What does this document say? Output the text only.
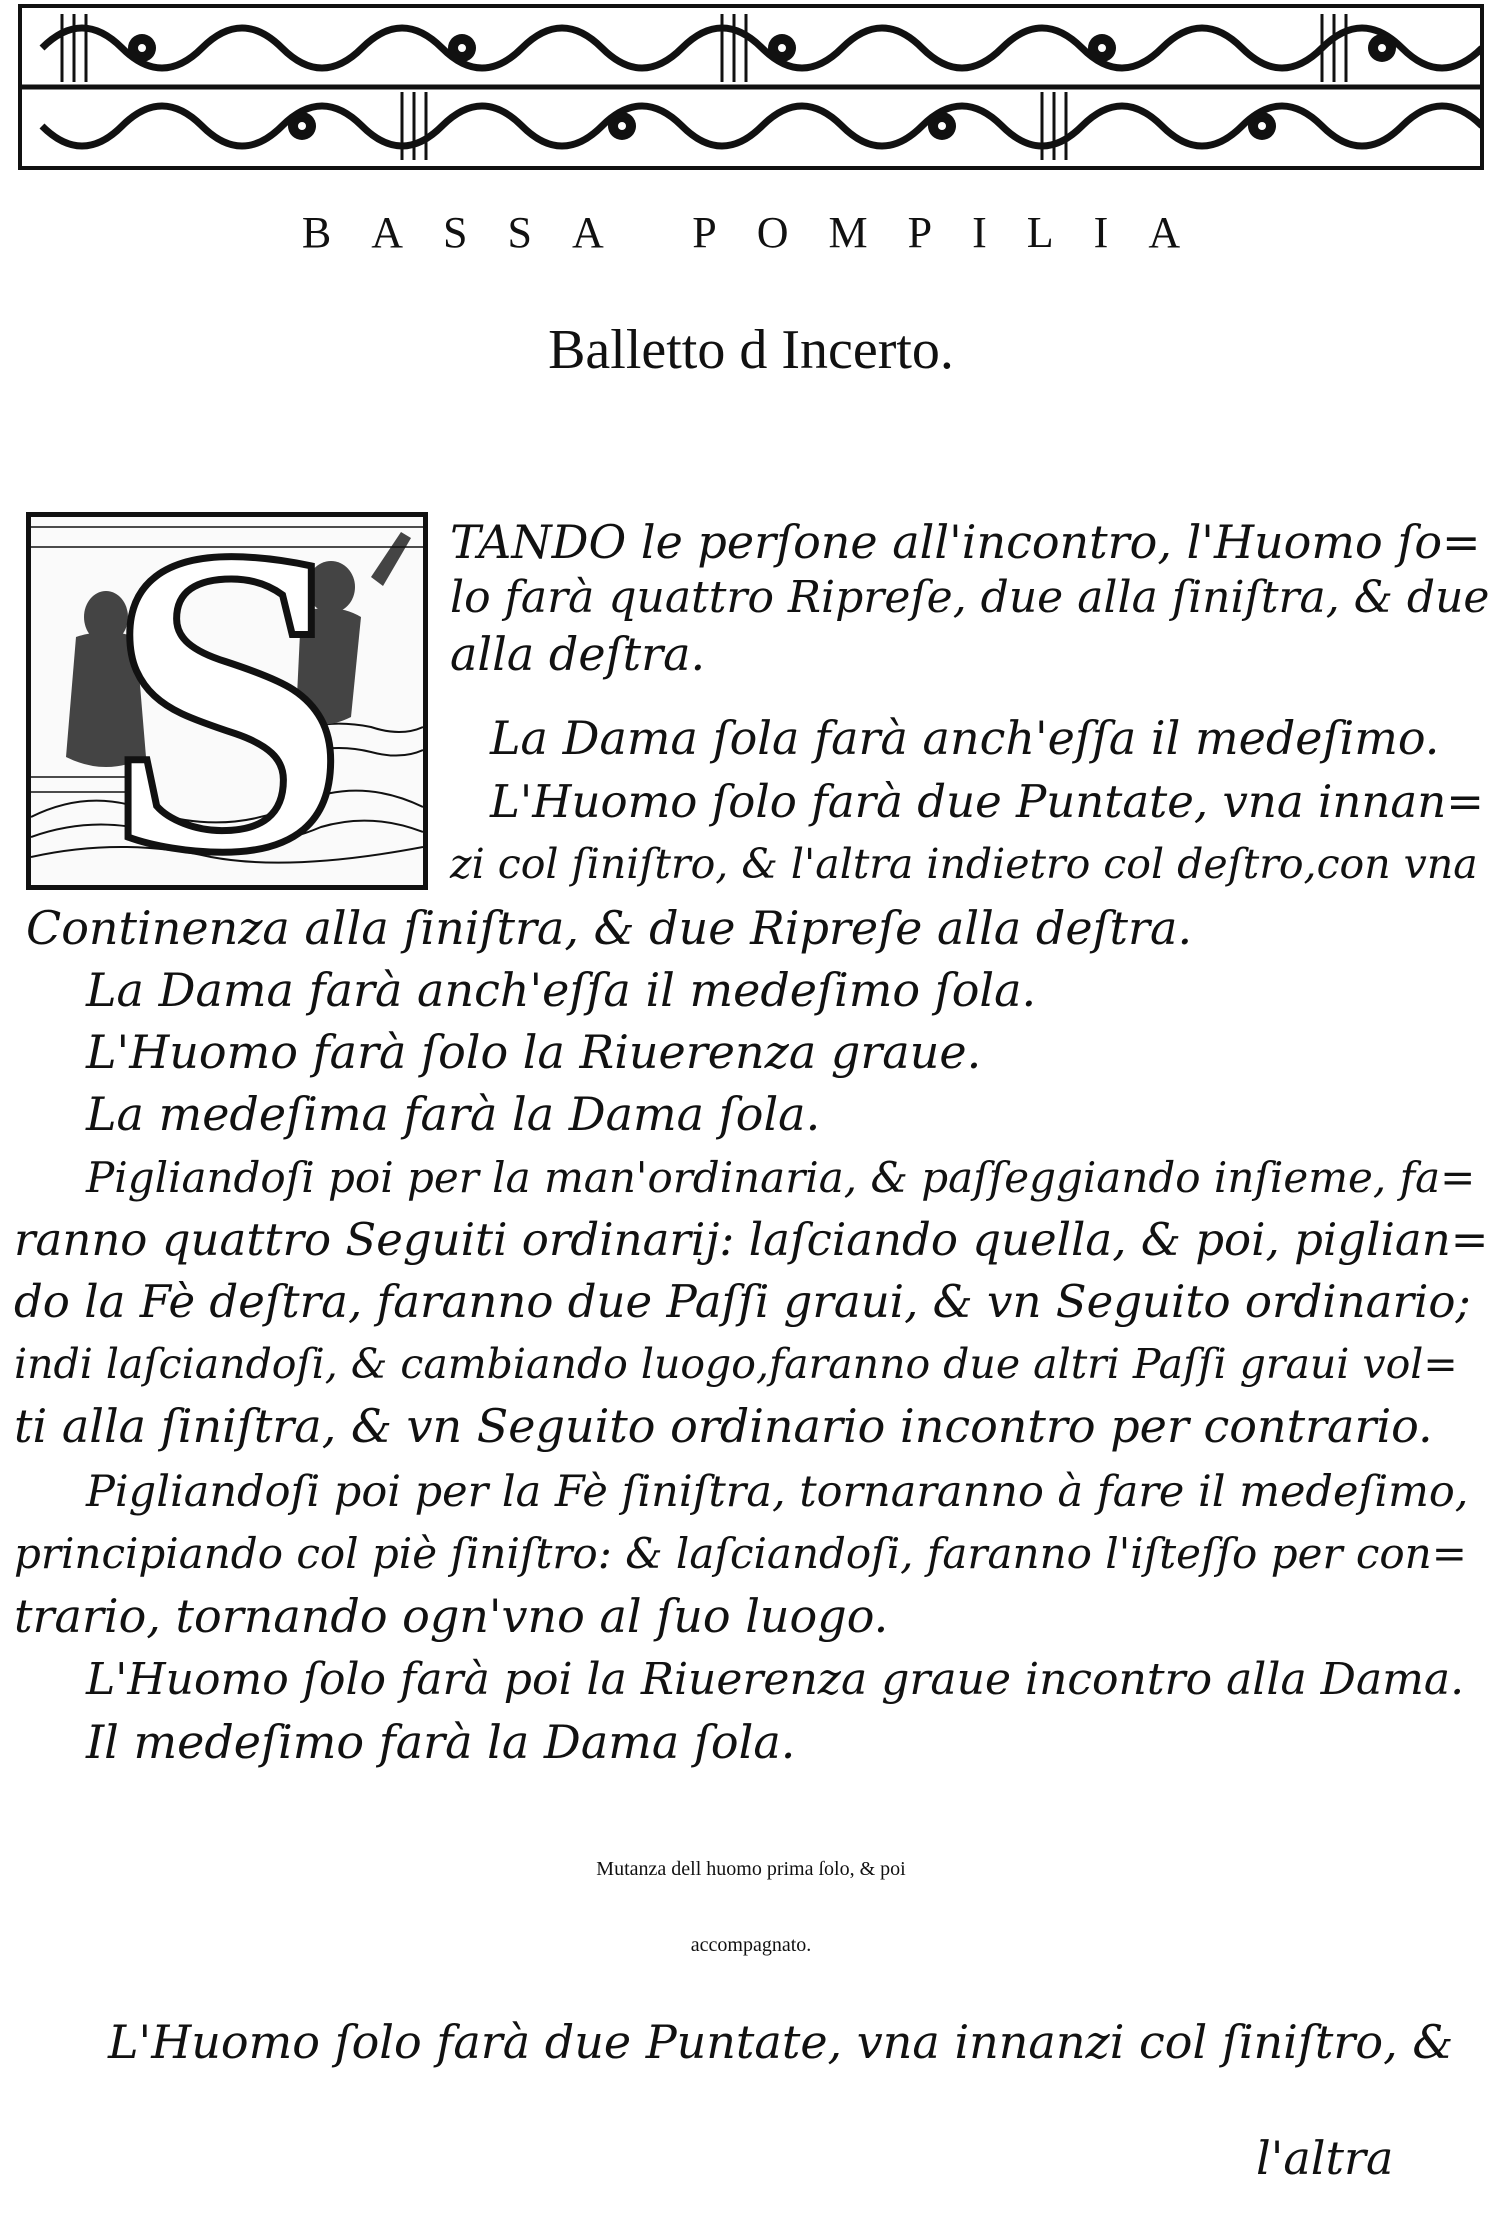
BASSA POMPILIA
Balletto d Incerto.
S	TANDO le perſone all'incontro, l'Huomo ſo=
lo farà quattro Ripreſe, due alla ſiniſtra, & due
alla deſtra.
La Dama ſola farà anch'eſſa il medeſimo.
L'Huomo ſolo farà due Puntate, vna innan=
zi col ſiniſtro, & l'altra indietro col deſtro,con vna
Continenza alla ſiniſtra, & due Ripreſe alla deſtra.
La Dama farà anch'eſſa il medeſimo ſola.
L'Huomo farà ſolo la Riuerenza graue.
La medeſima farà la Dama ſola.
Pigliandoſi poi per la man'ordinaria, & paſſeggiando inſieme, fa=
ranno quattro Seguiti ordinarij: laſciando quella, & poi, piglian=
do la Fè deſtra, faranno due Paſſi graui, & vn Seguito ordinario;
indi laſciandoſi, & cambiando luogo,faranno due altri Paſſi graui vol=
ti alla ſiniſtra, & vn Seguito ordinario incontro per contrario.
Pigliandoſi poi per la Fè ſiniſtra, tornaranno à fare il medeſimo,
principiando col piè ſiniſtro: & laſciandoſi, faranno l'iſteſſo per con=
trario, tornando ogn'vno al ſuo luogo.
L'Huomo ſolo farà poi la Riuerenza graue incontro alla Dama.
Il medeſimo farà la Dama ſola.
Mutanza dell huomo prima ſolo, & poi
accompagnato.
L'Huomo ſolo farà due Puntate, vna innanzi col ſiniſtro, &
l'altra
